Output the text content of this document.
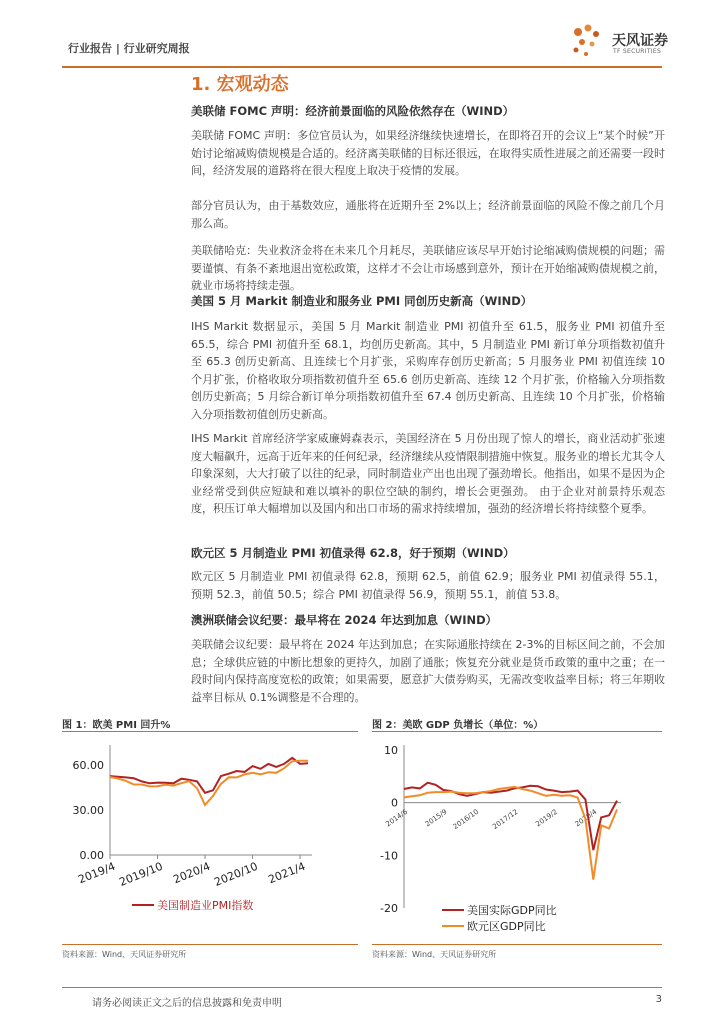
行业报告 | 行业研究周报	天风证券
TF SECURITIES
1. 宏观动态
美联储 FOMC 声明：经济前景面临的风险依然存在（WIND）
美联储 FOMC 声明：多位官员认为，如果经济继续快速增长，在即将召开的会议上“某个时候”开始讨论缩减购债规模是合适的。经济离美联储的目标还很远，在取得实质性进展之前还需要一段时间，经济发展的道路将在很大程度上取决于疫情的发展。
部分官员认为，由于基数效应，通胀将在近期升至 2%以上；经济前景面临的风险不像之前几个月那么高。
美联储哈克：失业救济金将在未来几个月耗尽，美联储应该尽早开始讨论缩减购债规模的问题；需要谨慎、有条不紊地退出宽松政策，这样才不会让市场感到意外，预计在开始缩减购债规模之前，就业市场将持续走强。
美国 5 月 Markit 制造业和服务业 PMI 同创历史新高（WIND）
IHS Markit 数据显示，美国 5 月 Markit 制造业 PMI 初值升至 61.5，服务业 PMI 初值升至 65.5，综合 PMI 初值升至 68.1，均创历史新高。其中，5 月制造业 PMI 新订单分项指数初值升至 65.3 创历史新高、且连续七个月扩张，采购库存创历史新高；5 月服务业 PMI 初值连续 10 个月扩张，价格收取分项指数初值升至 65.6 创历史新高、连续 12 个月扩张，价格输入分项指数创历史新高；5 月综合新订单分项指数初值升至 67.4 创历史新高、且连续 10 个月扩张，价格输入分项指数初值创历史新高。
IHS Markit 首席经济学家威廉姆森表示，美国经济在 5 月份出现了惊人的增长，商业活动扩张速度大幅飙升，远高于近年来的任何纪录，经济继续从疫情限制措施中恢复。服务业的增长尤其令人印象深刻，大大打破了以往的纪录，同时制造业产出也出现了强劲增长。他指出，如果不是因为企业经常受到供应短缺和难以填补的职位空缺的制约，增长会更强劲。 由于企业对前景持乐观态度，积压订单大幅增加以及国内和出口市场的需求持续增加，强劲的经济增长将持续整个夏季。
欧元区 5 月制造业 PMI 初值录得 62.8，好于预期（WIND）
欧元区 5 月制造业 PMI 初值录得 62.8，预期 62.5，前值 62.9；服务业 PMI 初值录得 55.1，预期 52.3，前值 50.5；综合 PMI 初值录得 56.9，预期 55.1，前值 53.8。
澳洲联储会议纪要：最早将在 2024 年达到加息（WIND）
美联储会议纪要：最早将在 2024 年达到加息；在实际通胀持续在 2-3%的目标区间之前，不会加息；全球供应链的中断比想象的更持久，加剧了通胀；恢复充分就业是货币政策的重中之重；在一段时间内保持高度宽松的政策；如果需要，愿意扩大债券购买，无需改变收益率目标；将三年期收益率目标从 0.1%调整是不合理的。
图 1：欧美 PMI 回升%
0.00
30.00
60.00
2019/4 2019/10 2020/4 2020/10 2021/4
美国制造业PMI指数
资料来源：Wind、天风证券研究所
图 2：美欧 GDP 负增长（单位：%）
-20
-10
0
10
2014/6 2015/9 2016/10 2017/12 2019/2 2020/4
美国实际GDP同比
欧元区GDP同比
资料来源：Wind、天风证券研究所
请务必阅读正文之后的信息披露和免责申明	3
